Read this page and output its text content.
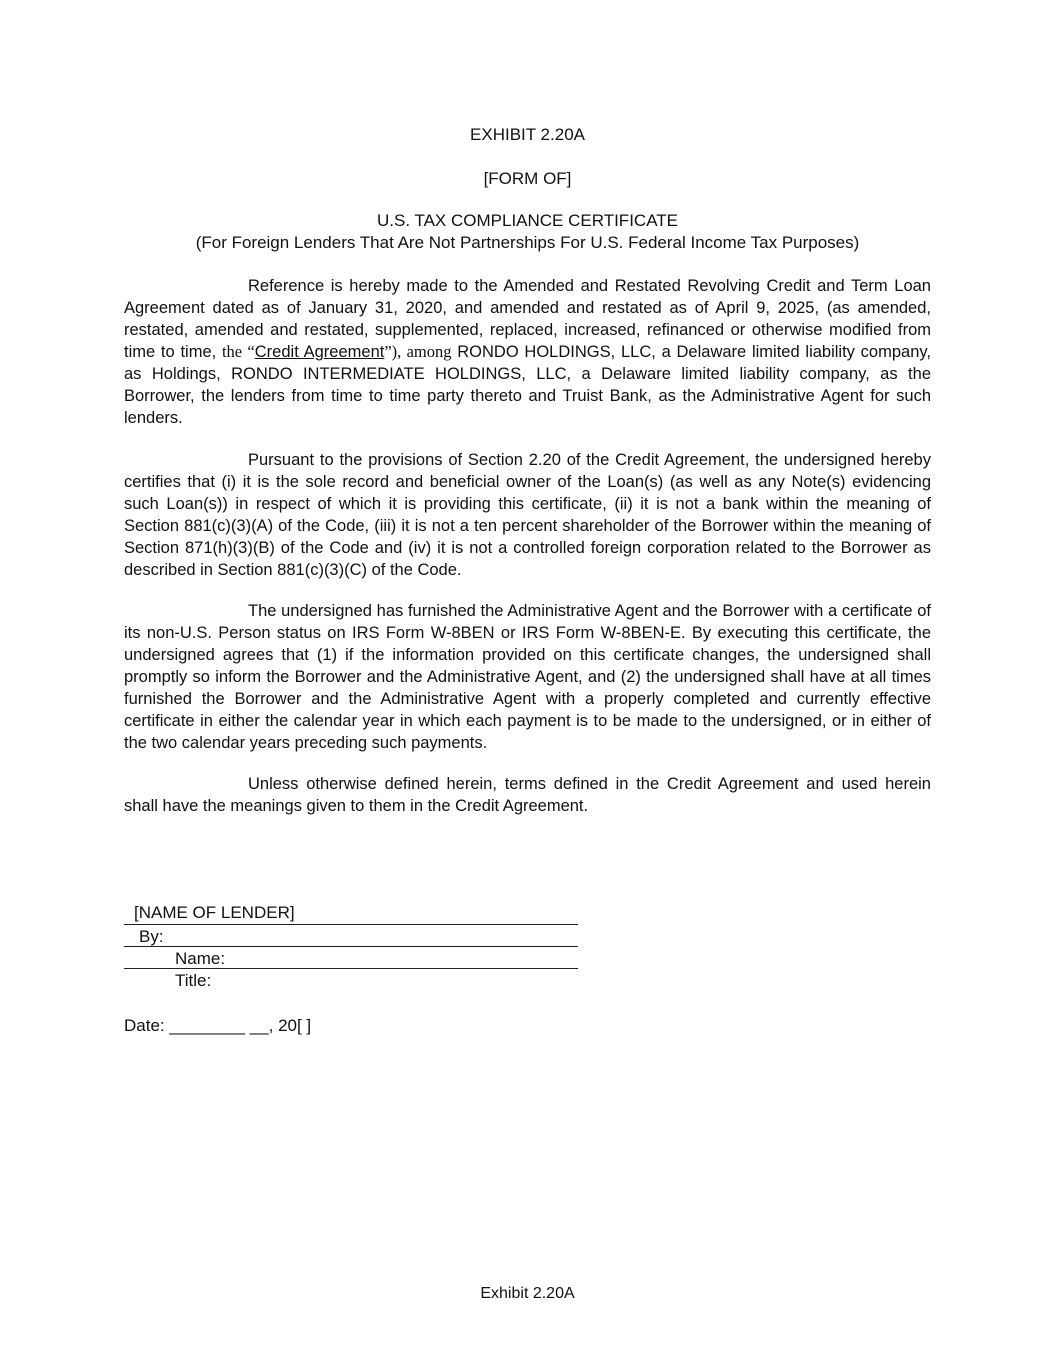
EXHIBIT 2.20A
[FORM OF]
U.S. TAX COMPLIANCE CERTIFICATE
(For Foreign Lenders That Are Not Partnerships For U.S. Federal Income Tax Purposes)
Reference is hereby made to the Amended and Restated Revolving Credit and Term Loan Agreement dated as of January 31, 2020, and amended and restated as of April 9, 2025, (as amended, restated, amended and restated, supplemented, replaced, increased, refinanced or otherwise modified from time to time, the “Credit Agreement”), among RONDO HOLDINGS, LLC, a Delaware limited liability company, as Holdings, RONDO INTERMEDIATE HOLDINGS, LLC, a Delaware limited liability company, as the Borrower, the lenders from time to time party thereto and Truist Bank, as the Administrative Agent for such lenders.
Pursuant to the provisions of Section 2.20 of the Credit Agreement, the undersigned hereby certifies that (i) it is the sole record and beneficial owner of the Loan(s) (as well as any Note(s) evidencing such Loan(s)) in respect of which it is providing this certificate, (ii) it is not a bank within the meaning of Section 881(c)(3)(A) of the Code, (iii) it is not a ten percent shareholder of the Borrower within the meaning of Section 871(h)(3)(B) of the Code and (iv) it is not a controlled foreign corporation related to the Borrower as described in Section 881(c)(3)(C) of the Code.
The undersigned has furnished the Administrative Agent and the Borrower with a certificate of its non-U.S. Person status on IRS Form W-8BEN or IRS Form W-8BEN-E. By executing this certificate, the undersigned agrees that (1) if the information provided on this certificate changes, the undersigned shall promptly so inform the Borrower and the Administrative Agent, and (2) the undersigned shall have at all times furnished the Borrower and the Administrative Agent with a properly completed and currently effective certificate in either the calendar year in which each payment is to be made to the undersigned, or in either of the two calendar years preceding such payments.
Unless otherwise defined herein, terms defined in the Credit Agreement and used herein shall have the meanings given to them in the Credit Agreement.
[NAME OF LENDER]
By:
Name:
Title:
Date: ________ __, 20[ ]
Exhibit 2.20A
